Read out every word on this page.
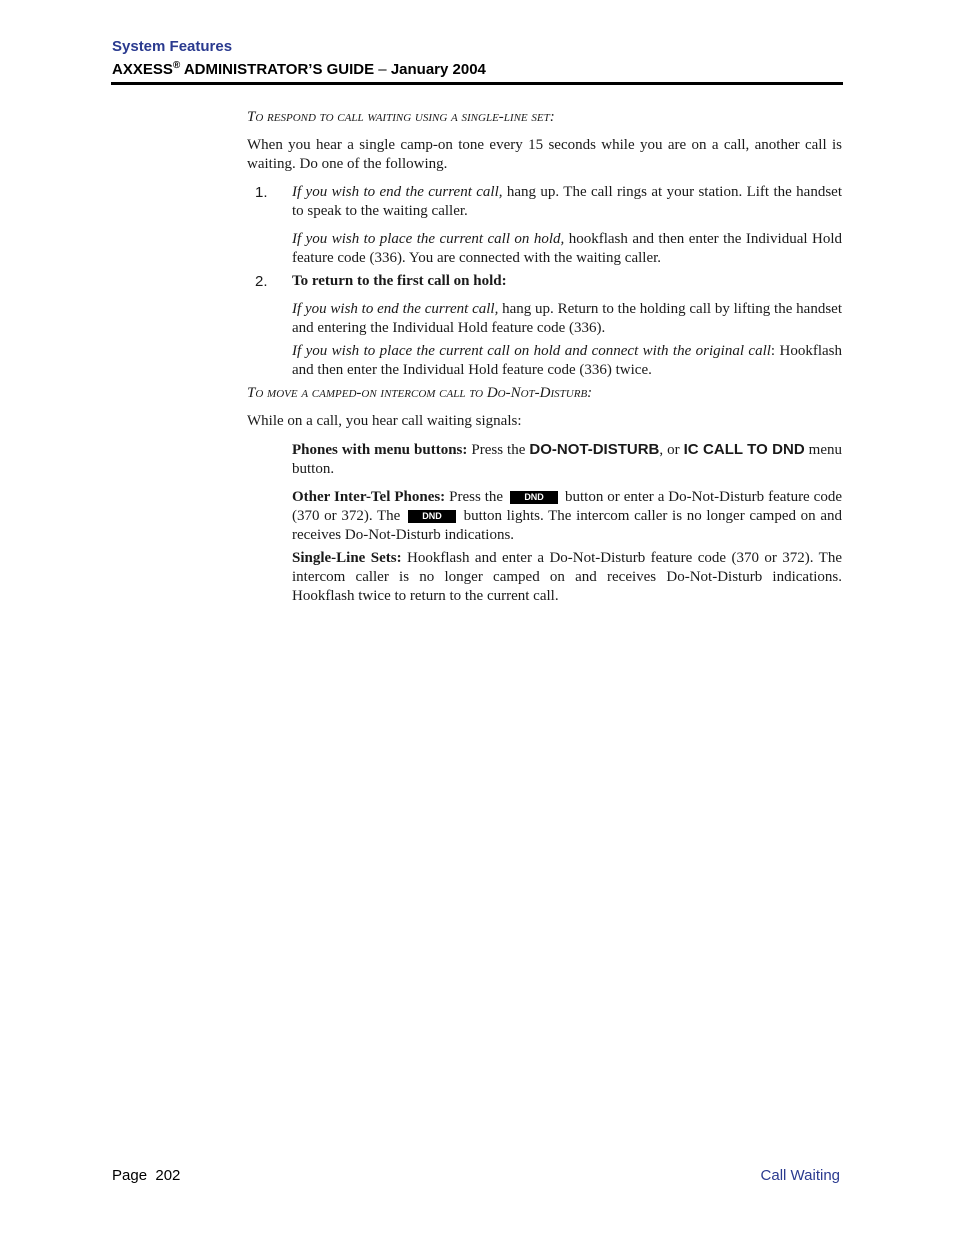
System Features

AXXESS® ADMINISTRATOR’S GUIDE – January 2004

To respond to call waiting using a single-line set:

When you hear a single camp-on tone every 15 seconds while you are on a call, another call is waiting. Do one of the following.

1. If you wish to end the current call, hang up. The call rings at your station. Lift the handset to speak to the waiting caller.

If you wish to place the current call on hold, hookflash and then enter the Individual Hold feature code (336). You are connected with the waiting caller.

2. To return to the first call on hold:

If you wish to end the current call, hang up. Return to the holding call by lifting the handset and entering the Individual Hold feature code (336).

If you wish to place the current call on hold and connect with the original call: Hookflash and then enter the Individual Hold feature code (336) twice.

To move a camped-on intercom call to Do-Not-Disturb:

While on a call, you hear call waiting signals:

Phones with menu buttons: Press the DO-NOT-DISTURB, or IC CALL TO DND menu button.

Other Inter-Tel Phones: Press the DND button or enter a Do-Not-Disturb feature code (370 or 372). The DND button lights. The intercom caller is no longer camped on and receives Do-Not-Disturb indications.

Single-Line Sets: Hookflash and enter a Do-Not-Disturb feature code (370 or 372). The intercom caller is no longer camped on and receives Do-Not-Disturb indications. Hookflash twice to return to the current call.

Page  202	Call Waiting
